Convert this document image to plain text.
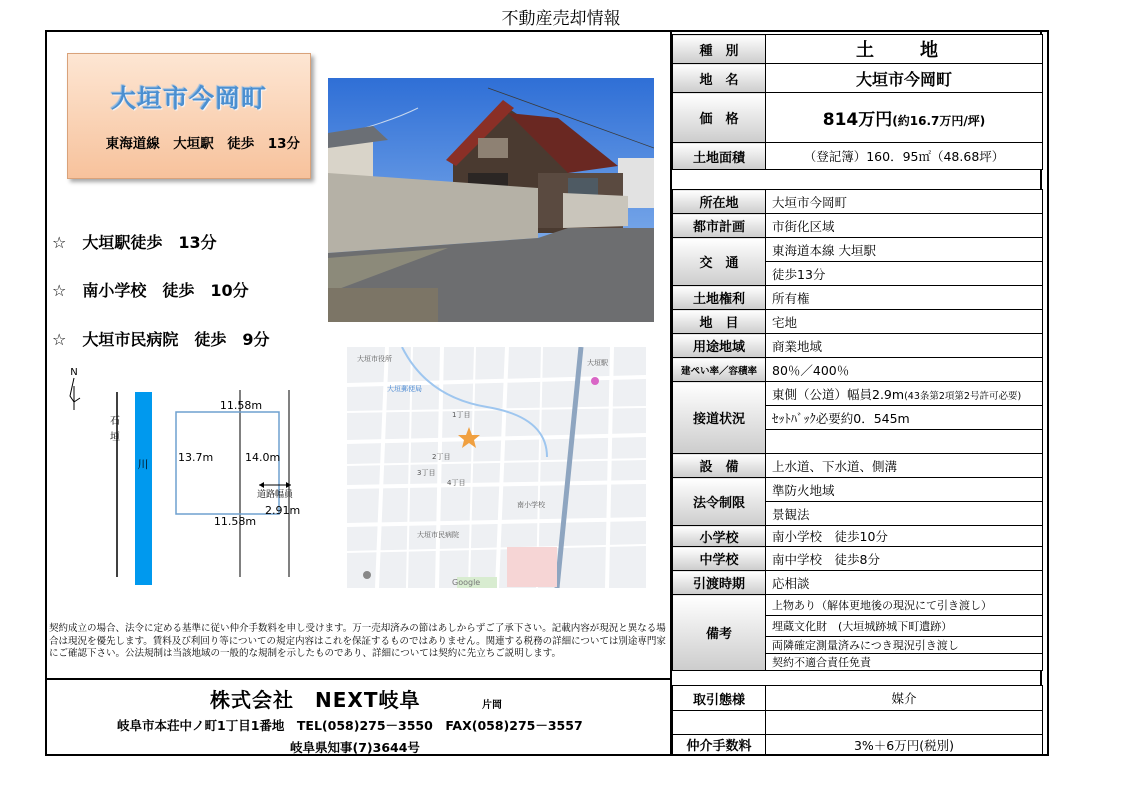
不動産売却情報
大垣市今岡町
東海道線　大垣駅　徒歩　13分
☆　大垣駅徒歩　13分
☆　南小学校　徒歩　10分
☆　大垣市民病院　徒歩　9分
N
石
垣
川
11.58m
11.58m
13.7m	14.0m
道路幅員
2.91m
大垣市役所
大垣郵便局
大垣駅
南小学校
大垣市民病院
Google
1丁目
2丁目
3丁目
4丁目
契約成立の場合、法令に定める基準に従い仲介手数料を申し受けます。万一売却済みの節はあしからずご了承下さい。記載内容が現況と異なる場合は現況を優先します。賃料及び利回り等についての規定内容はこれを保証するものではありません。関連する税務の詳細については別途専門家にご確認下さい。公法規制は当該地域の一般的な規制を示したものであり、詳細については契約に先立ちご説明します。
株式会社　NEXT岐阜	片岡
岐阜市本荘中ノ町1丁目1番地　TEL(058)275－3550　FAX(058)275－3557
岐阜県知事(7)3644号
種　別	土　地
地　名	大垣市今岡町
価　格	814万円(約16.7万円/坪)
土地面積	（登記簿）160．95㎡（48.68坪）
所在地	大垣市今岡町
都市計画	市街化区域
交　通	東海道本線 大垣駅
	徒歩13分
土地権利	所有権
地　目	宅地
用途地域	商業地域
建ぺい率／容積率	80％／400％
接道状況	東側（公道）幅員2.9m(43条第2項第2号許可必要)
	ｾｯﾄﾊﾞｯｸ必要約0．545m

設　備	上水道、下水道、側溝
法令制限	準防火地域
	景観法
小学校	南小学校　徒歩10分
中学校	南中学校　徒歩8分
引渡時期	応相談
備考	上物あり（解体更地後の現況にて引き渡し）
	埋蔵文化財　(大垣城跡城下町遺跡）
	両隣確定測量済みにつき現況引き渡し
	契約不適合責任免責
取引態様	媒介

仲介手数料	3%＋6万円(税別)
